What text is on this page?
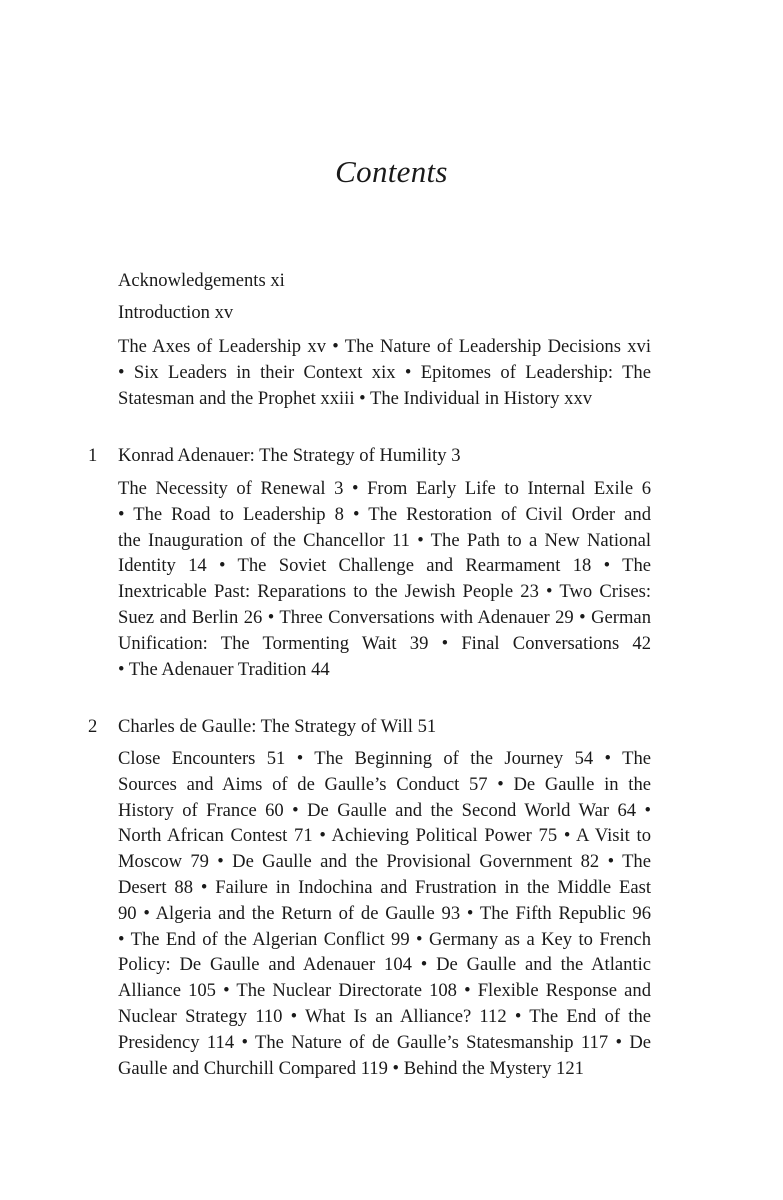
Contents
Acknowledgements xi
Introduction xv
The Axes of Leadership xv • The Nature of Leadership Decisions xvi
• Six Leaders in their Context xix • Epitomes of Leadership: The
Statesman and the Prophet xxiii • The Individual in History xxv
1 Konrad Adenauer: The Strategy of Humility 3
The Necessity of Renewal 3 • From Early Life to Internal Exile 6
• The Road to Leadership 8 • The Restoration of Civil Order and
the Inauguration of the Chancellor 11 • The Path to a New National
Identity 14 • The Soviet Challenge and Rearmament 18 • The
Inextricable Past: Reparations to the Jewish People 23 • Two Crises:
Suez and Berlin 26 • Three Conversations with Adenauer 29 • German
Unification: The Tormenting Wait 39 • Final Conversations 42
• The Adenauer Tradition 44
2 Charles de Gaulle: The Strategy of Will 51
Close Encounters 51 • The Beginning of the Journey 54 • The
Sources and Aims of de Gaulle’s Conduct 57 • De Gaulle in the
History of France 60 • De Gaulle and the Second World War 64 •
North African Contest 71 • Achieving Political Power 75 • A Visit to
Moscow 79 • De Gaulle and the Provisional Government 82 • The
Desert 88 • Failure in Indochina and Frustration in the Middle East
90 • Algeria and the Return of de Gaulle 93 • The Fifth Republic 96
• The End of the Algerian Conflict 99 • Germany as a Key to French
Policy: De Gaulle and Adenauer 104 • De Gaulle and the Atlantic
Alliance 105 • The Nuclear Directorate 108 • Flexible Response and
Nuclear Strategy 110 • What Is an Alliance? 112 • The End of the
Presidency 114 • The Nature of de Gaulle’s Statesmanship 117 • De
Gaulle and Churchill Compared 119 • Behind the Mystery 121
